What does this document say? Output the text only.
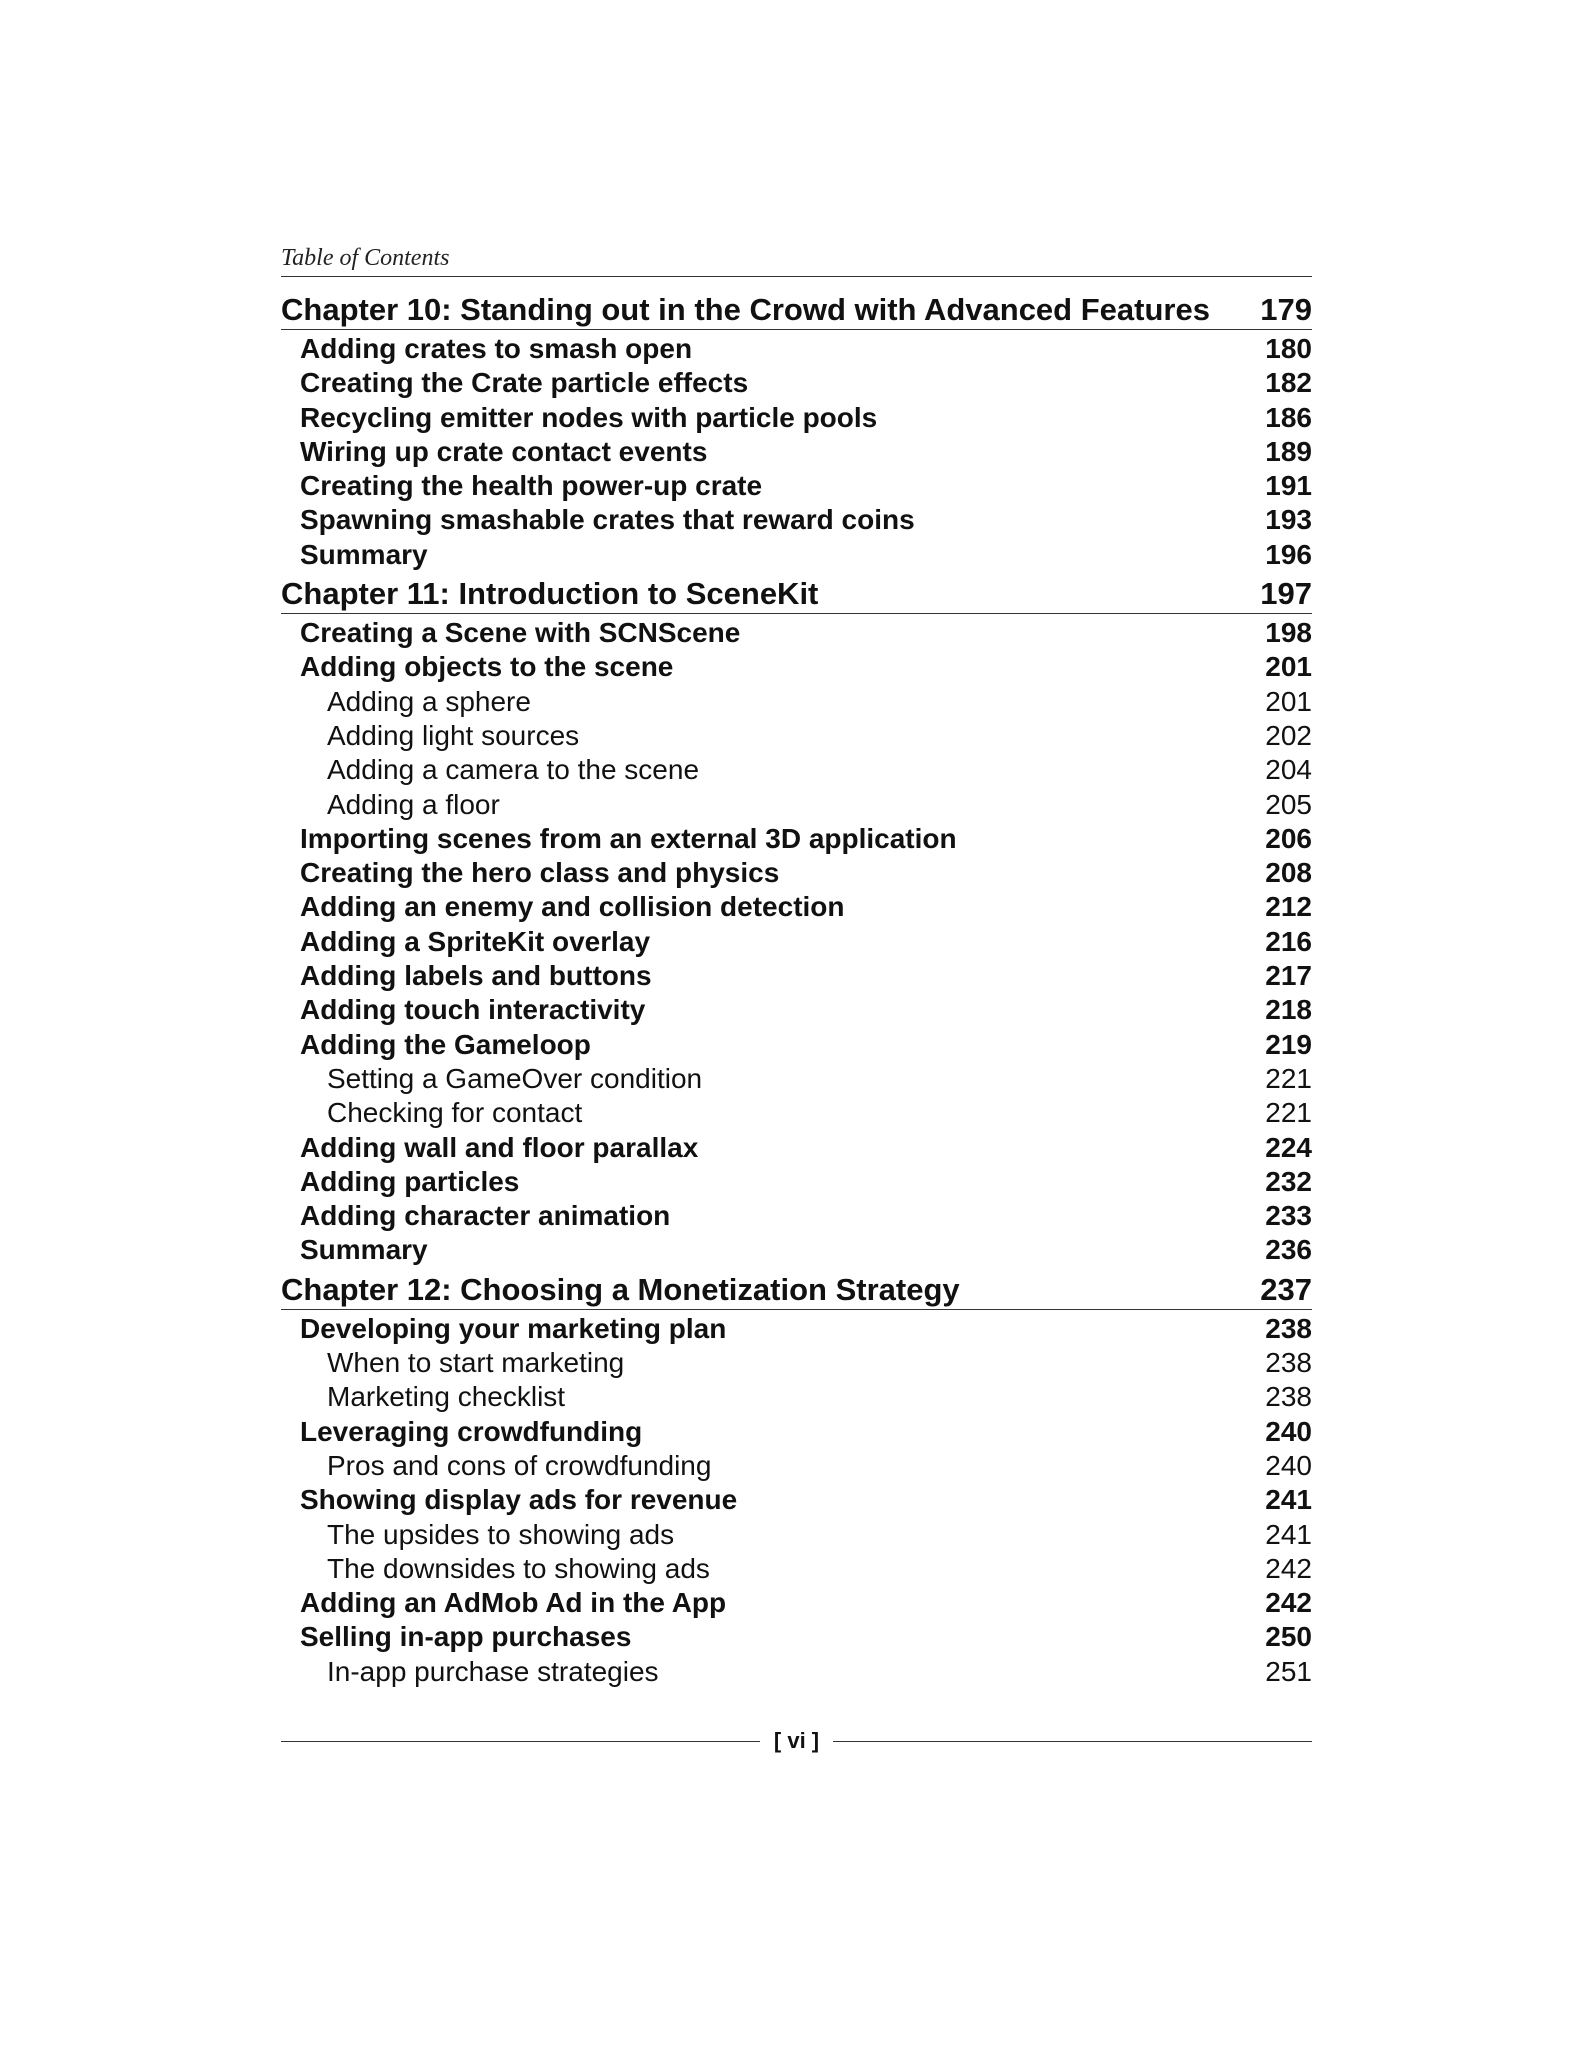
Table of Contents
Chapter 10: Standing out in the Crowd with Advanced Features 179
Adding crates to smash open	180
Creating the Crate particle effects	182
Recycling emitter nodes with particle pools	186
Wiring up crate contact events	189
Creating the health power-up crate	191
Spawning smashable crates that reward coins	193
Summary	196
Chapter 11: Introduction to SceneKit	197
Creating a Scene with SCNScene	198
Adding objects to the scene	201
Adding a sphere	201
Adding light sources	202
Adding a camera to the scene	204
Adding a floor	205
Importing scenes from an external 3D application	206
Creating the hero class and physics	208
Adding an enemy and collision detection	212
Adding a SpriteKit overlay	216
Adding labels and buttons	217
Adding touch interactivity	218
Adding the Gameloop	219
Setting a GameOver condition	221
Checking for contact	221
Adding wall and floor parallax	224
Adding particles	232
Adding character animation	233
Summary	236
Chapter 12: Choosing a Monetization Strategy	237
Developing your marketing plan	238
When to start marketing	238
Marketing checklist	238
Leveraging crowdfunding	240
Pros and cons of crowdfunding	240
Showing display ads for revenue	241
The upsides to showing ads	241
The downsides to showing ads	242
Adding an AdMob Ad in the App	242
Selling in-app purchases	250
In-app purchase strategies	251
[ vi ]
